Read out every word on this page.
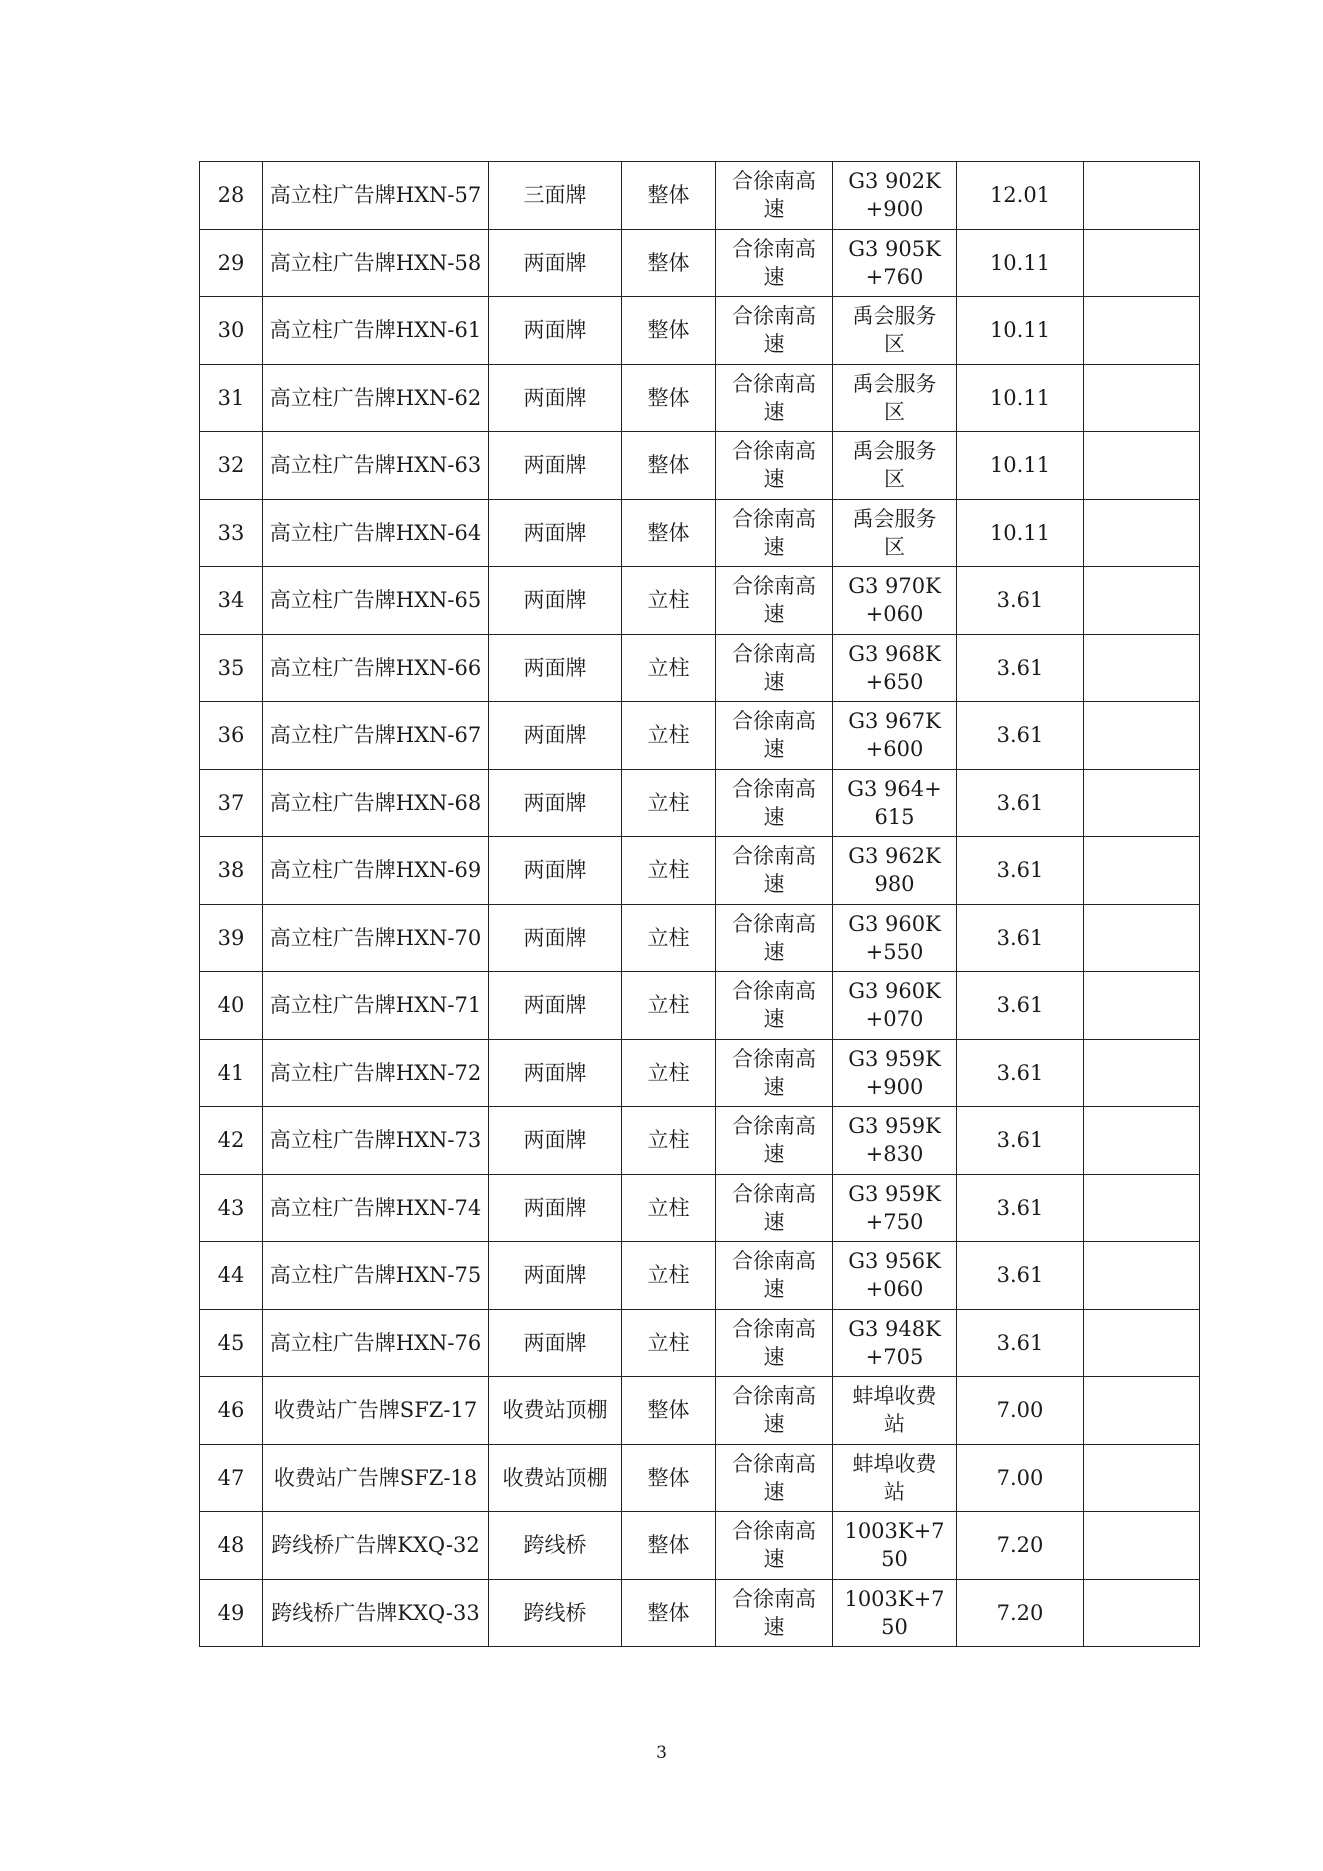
28	高立柱广告牌HXN-57	三面牌	整体	合徐南高速	G3 902K+900	12.01	
29	高立柱广告牌HXN-58	两面牌	整体	合徐南高速	G3 905K+760	10.11	
30	高立柱广告牌HXN-61	两面牌	整体	合徐南高速	禹会服务区	10.11	
31	高立柱广告牌HXN-62	两面牌	整体	合徐南高速	禹会服务区	10.11	
32	高立柱广告牌HXN-63	两面牌	整体	合徐南高速	禹会服务区	10.11	
33	高立柱广告牌HXN-64	两面牌	整体	合徐南高速	禹会服务区	10.11	
34	高立柱广告牌HXN-65	两面牌	立柱	合徐南高速	G3 970K+060	3.61	
35	高立柱广告牌HXN-66	两面牌	立柱	合徐南高速	G3 968K+650	3.61	
36	高立柱广告牌HXN-67	两面牌	立柱	合徐南高速	G3 967K+600	3.61	
37	高立柱广告牌HXN-68	两面牌	立柱	合徐南高速	G3 964+615	3.61	
38	高立柱广告牌HXN-69	两面牌	立柱	合徐南高速	G3 962K980	3.61	
39	高立柱广告牌HXN-70	两面牌	立柱	合徐南高速	G3 960K+550	3.61	
40	高立柱广告牌HXN-71	两面牌	立柱	合徐南高速	G3 960K+070	3.61	
41	高立柱广告牌HXN-72	两面牌	立柱	合徐南高速	G3 959K+900	3.61	
42	高立柱广告牌HXN-73	两面牌	立柱	合徐南高速	G3 959K+830	3.61	
43	高立柱广告牌HXN-74	两面牌	立柱	合徐南高速	G3 959K+750	3.61	
44	高立柱广告牌HXN-75	两面牌	立柱	合徐南高速	G3 956K+060	3.61	
45	高立柱广告牌HXN-76	两面牌	立柱	合徐南高速	G3 948K+705	3.61	
46	收费站广告牌SFZ-17	收费站顶棚	整体	合徐南高速	蚌埠收费站	7.00	
47	收费站广告牌SFZ-18	收费站顶棚	整体	合徐南高速	蚌埠收费站	7.00	
48	跨线桥广告牌KXQ-32	跨线桥	整体	合徐南高速	1003K+750	7.20	
49	跨线桥广告牌KXQ-33	跨线桥	整体	合徐南高速	1003K+750	7.20	
3
